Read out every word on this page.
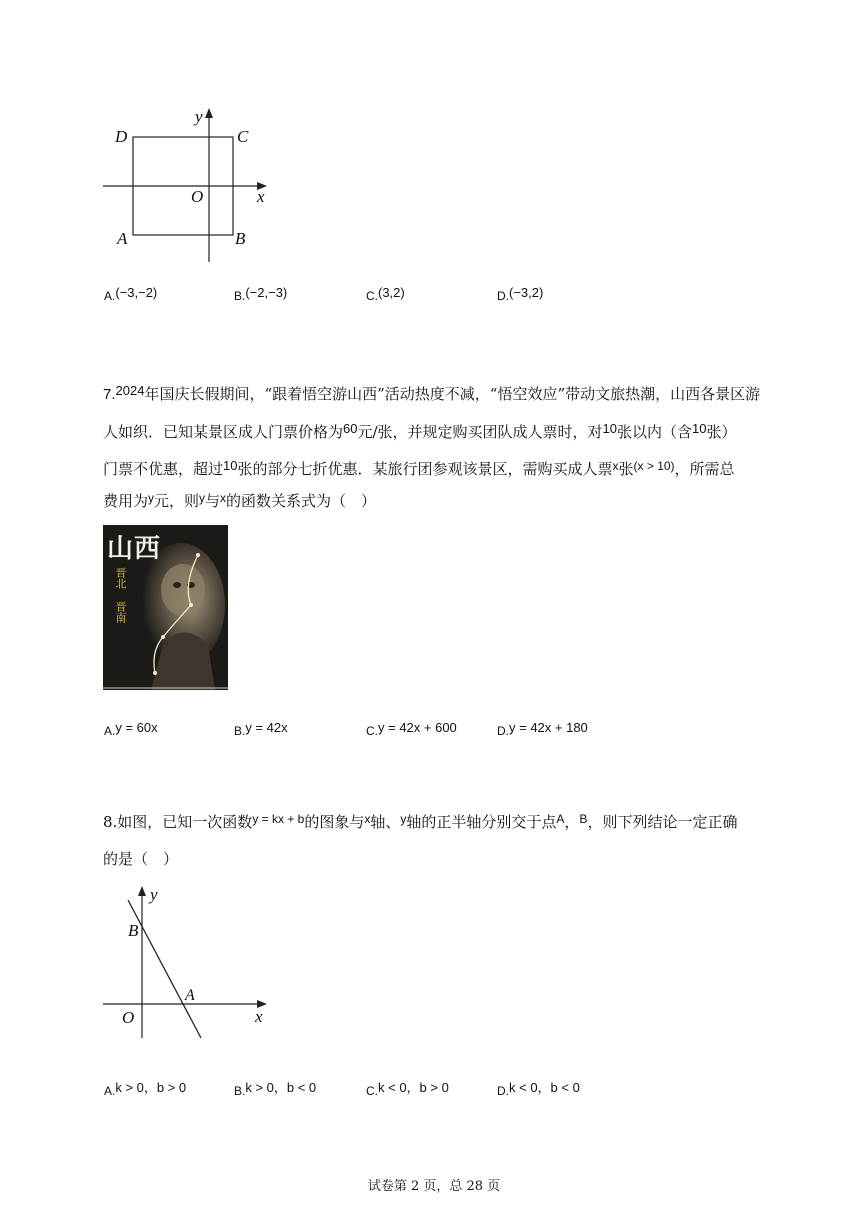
y
x
O
D	C
A	B
A.(−3,−2)	B.(−2,−3)	C.(3,2)	D.(−3,2)
7.2024年国庆长假期间，“跟着悟空游山西”活动热度不减，“悟空效应”带动文旅热潮，山西各景区游
人如织．已知某景区成人门票价格为60元/张，并规定购买团队成人票时，对10张以内（含10张）
门票不优惠，超过10张的部分七折优惠．某旅行团参观该景区，需购买成人票$^x$张$^{(x > 10)}$，所需总
费用为$^y$元，则$^y$与$^x$的函数关系式为（　）
山西
晋北
晋南
A.y = 60x	B.y = 42x	C.y = 42x + 600	D.y = 42x + 180
8.如图，已知一次函数$^{y = kx + b}$的图象与$^x$轴、$^y$轴的正半轴分别交于点$^A$，$^B$，则下列结论一定正确
的是（　）
y
x
O
B
A
A.k > 0，b > 0	B.k > 0，b < 0	C.k < 0，b > 0	D.k < 0，b < 0
试卷第 2 页，总 28 页
